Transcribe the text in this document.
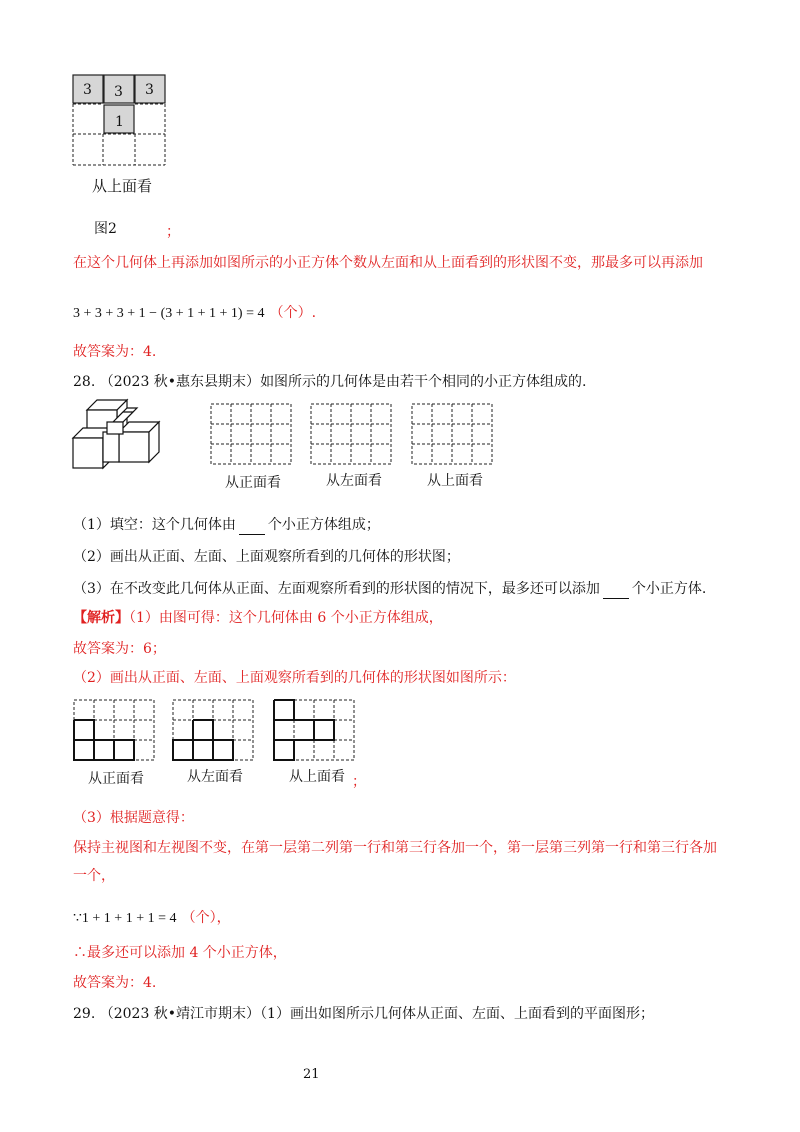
3 3 3
1
从上面看
图2	；
在这个几何体上再添加如图所示的小正方体个数从左面和从上面看到的形状图不变，那最多可以再添加
3 + 3 + 3 + 1 − (3 + 1 + 1 + 1) = 4 （个）.
故答案为：4.
28. （2023 秋•惠东县期末）如图所示的几何体是由若干个相同的小正方体组成的.
从正面看	从左面看	从上面看
（1）填空：这个几何体由 个小正方体组成；
（2）画出从正面、左面、上面观察所看到的几何体的形状图；
（3）在不改变此几何体从正面、左面观察所看到的形状图的情况下，最多还可以添加 个小正方体.
【解析】（1）由图可得：这个几何体由 6 个小正方体组成，
故答案为：6；
（2）画出从正面、左面、上面观察所看到的几何体的形状图如图所示：
从正面看	从左面看	从上面看 ；
（3）根据题意得：
保持主视图和左视图不变，在第一层第二列第一行和第三行各加一个，第一层第三列第一行和第三行各加
一个，
∵1 + 1 + 1 + 1 = 4 （个），
∴最多还可以添加 4 个小正方体，
故答案为：4.
29. （2023 秋•靖江市期末）（1）画出如图所示几何体从正面、左面、上面看到的平面图形；
21
